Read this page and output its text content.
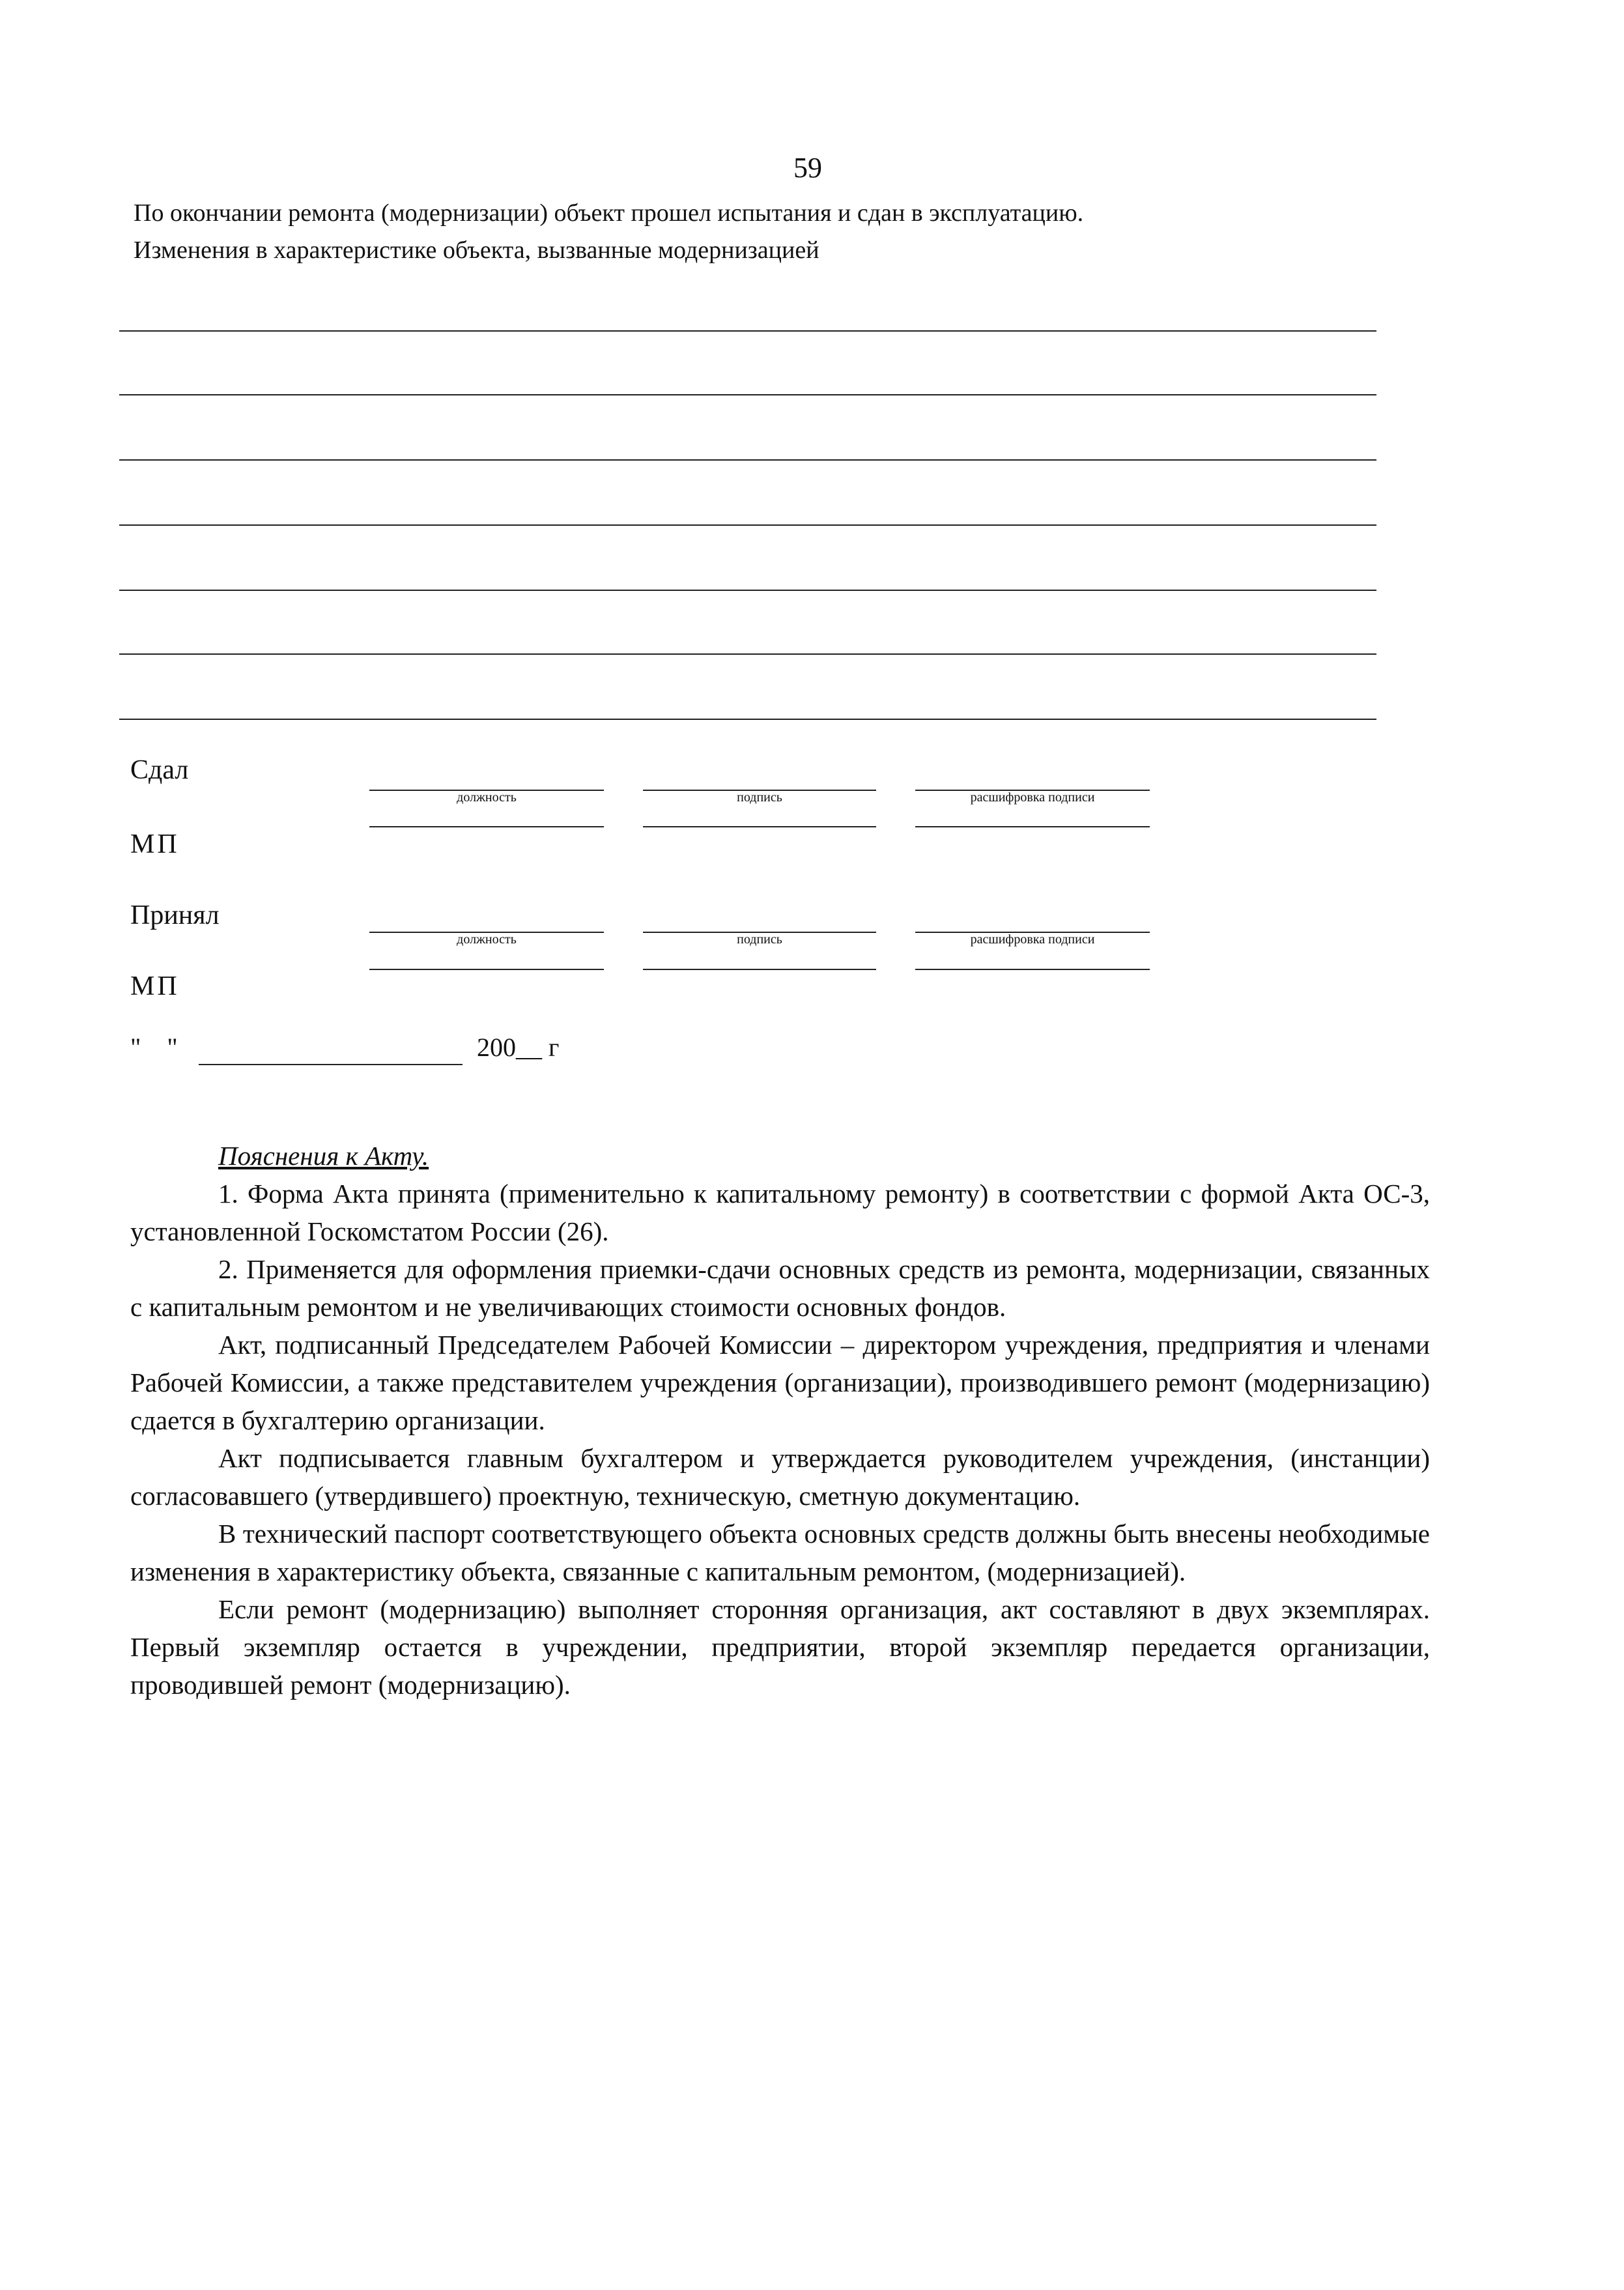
59
По окончании ремонта (модернизации) объект прошел испытания и сдан в эксплуатацию.
Изменения в характеристике объекта, вызванные модернизацией
Сдал
должность	подпись	расшифровка подписи
МП
Принял
должность	подпись	расшифровка подписи
МП
"    "	200__ г
Пояснения к Акту.

1. Форма Акта принята (применительно к капитальному ремонту) в соответствии с формой Акта ОС-3, установленной Госкомстатом России (26).

2. Применяется для оформления приемки-сдачи основных средств из ремонта, модернизации, связанных с капитальным ремонтом и не увеличивающих стоимости основных фондов.

Акт, подписанный Председателем Рабочей Комиссии – директором учреждения, предприятия и членами Рабочей Комиссии, а также представителем учреждения (организации), производившего ремонт (модернизацию) сдается в бухгалтерию организации.

Акт подписывается главным бухгалтером и утверждается руководителем учреждения, (инстанции) согласовавшего (утвердившего) проектную, техническую, сметную документацию.

В технический паспорт соответствующего объекта основных средств должны быть внесены необходимые изменения в характеристику объекта, связанные с капитальным ремонтом, (модернизацией).

Если ремонт (модернизацию) выполняет сторонняя организация, акт составляют в двух экземплярах. Первый экземпляр остается в учреждении, предприятии, второй экземпляр передается организации, проводившей ремонт (модернизацию).
